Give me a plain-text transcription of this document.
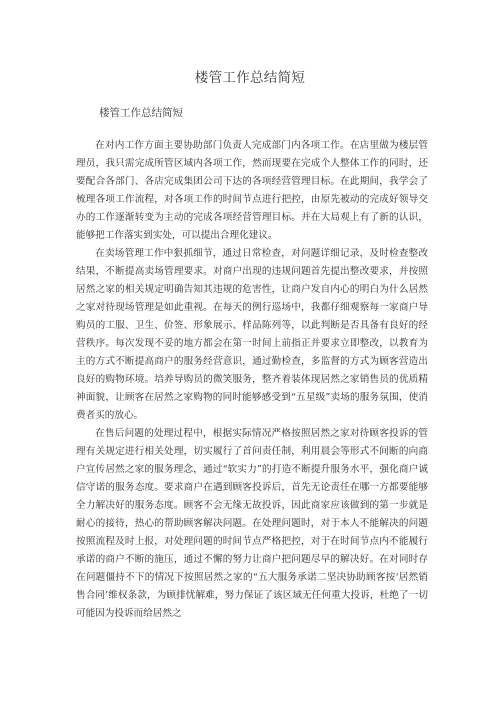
楼管工作总结简短
楼管工作总结简短

在对内工作方面主要协助部门负责人完成部门内各项工作。在店里做为楼层管理员，我只需完成所管区域内各项工作，然而现要在完成个人整体工作的同时，还要配合各部门、各店完成集团公司下达的各项经营管理目标。在此期间，我学会了梳理各项工作流程，对各项工作的时间节点进行把控，由原先被动的完成好领导交办的工作逐渐转变为主动的完成各项经营管理目标。并在大局观上有了新的认识，能够把工作落实到实处，可以提出合理化建议。

在卖场管理工作中狠抓细节，通过日常检查，对问题详细记录，及时检查整改结果，不断提高卖场管理要求。对商户出现的违规问题首先提出整改要求，并按照居然之家的相关规定明确告知其违规的危害性，让商户发自内心的明白为什么居然之家对待现场管理是如此重视。在每天的例行巡场中，我都仔细观察每一家商户导购员的工服、卫生、价签、形象展示、样品陈列等，以此判断是否具备有良好的经营秩序。每次发现不妥的地方都会在第一时间上前指正并要求立即整改，以教育为主的方式不断提高商户的服务经营意识，通过勤检查，多监督的方式为顾客营造出良好的购物环境。培养导购员的微笑服务，整齐着装体现居然之家销售员的优质精神面貌，让顾客在居然之家购物的同时能够感受到“五星级”卖场的服务氛围，使消费者买的放心。

在售后问题的处理过程中，根据实际情况严格按照居然之家对待顾客投诉的管理有关规定进行相关处理，切实履行了首问责任制，利用晨会等形式不间断的向商户宣传居然之家的服务理念，通过“软实力”的打造不断提升服务水平，强化商户诚信守诺的服务态度。要求商户在遇到顾客投诉后，首先无论责任在哪一方都要能够全力解决好的服务态度。顾客不会无缘无故投诉，因此商家应该做到的第一步就是耐心的接待，热心的帮助顾客解决问题。在处理问题时，对于本人不能解决的问题按照流程及时上报，对处理问题的时间节点严格把控，对于在时间节点内不能履行承诺的商户不断的施压，通过不懈的努力让商户把问题尽早的解决好。在对同时存在问题僵持不下的情况下按照居然之家的“五大服务承诺二坚决协助顾客按‘居然销售合同’维权条款，为顾排忧解难，努力保证了该区域无任何重大投诉，杜绝了一切可能因为投诉而给居然之
